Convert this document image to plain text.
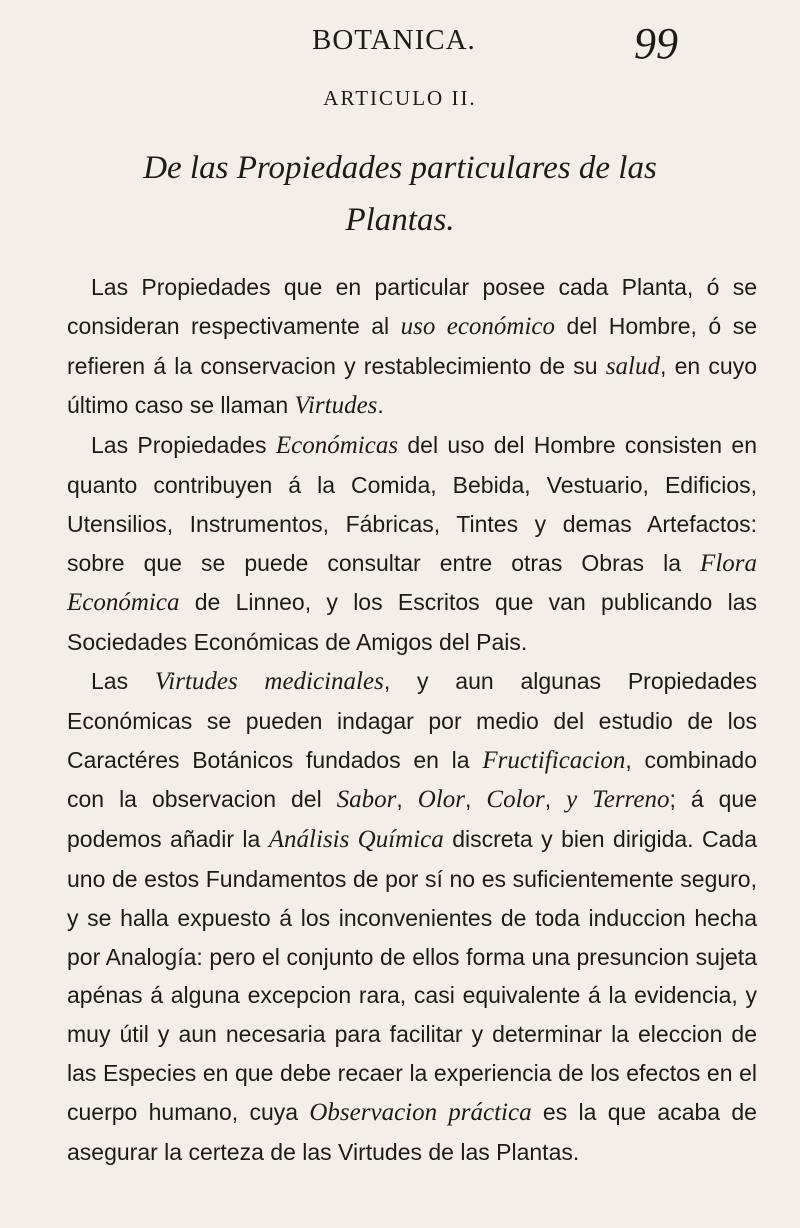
BOTANICA.	99
ARTICULO II.
De las Propiedades particulares de las
Plantas.

Las Propiedades que en particular posee cada Planta, ó se consideran respectivamente al uso económico del Hombre, ó se refieren á la conservacion y restablecimiento de su salud, en cuyo último caso se llaman Virtudes.

Las Propiedades Económicas del uso del Hombre consisten en quanto contribuyen á la Comida, Bebida, Vestuario, Edificios, Utensilios, Instrumentos, Fábricas, Tintes y demas Artefactos: sobre que se puede consultar entre otras Obras la Flora Económica de Linneo, y los Escritos que van publicando las Sociedades Económicas de Amigos del Pais.

Las Virtudes medicinales, y aun algunas Propiedades Económicas se pueden indagar por medio del estudio de los Caractéres Botánicos fundados en la Fructificacion, combinado con la observacion del Sabor, Olor, Color, y Terreno; á que podemos añadir la Análisis Química discreta y bien dirigida. Cada uno de estos Fundamentos de por sí no es suficientemente seguro, y se halla expuesto á los inconvenientes de toda induccion hecha por Analogía: pero el conjunto de ellos forma una presuncion sujeta apénas á alguna excepcion rara, casi equivalente á la evidencia, y muy útil y aun necesaria para facilitar y determinar la eleccion de las Especies en que debe recaer la experiencia de los efectos en el cuerpo humano, cuya Observacion práctica es la que acaba de asegurar la certeza de las Virtudes de las Plantas.
